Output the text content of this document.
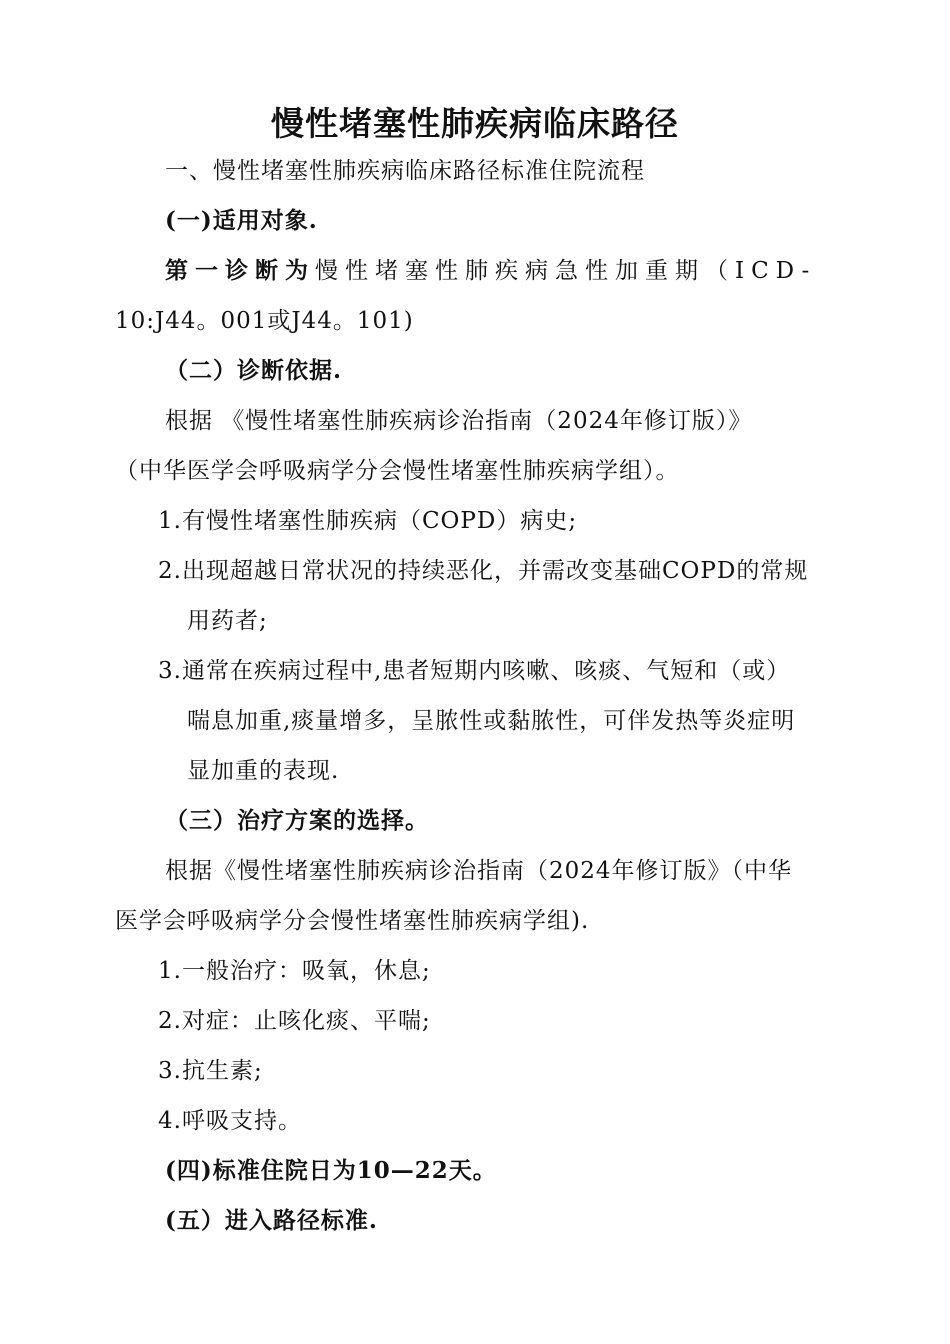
慢性堵塞性肺疾病临床路径

一、慢性堵塞性肺疾病临床路径标准住院流程

(一)适用对象.

第一诊断为慢性堵塞性肺疾病急性加重期（ICD-

10:J44。001或J44。101)

（二）诊断依据.

根据 《慢性堵塞性肺疾病诊治指南（2024年修订版）》

（中华医学会呼吸病学分会慢性堵塞性肺疾病学组）。

1.有慢性堵塞性肺疾病（COPD）病史;

2.出现超越日常状况的持续恶化，并需改变基础COPD的常规

用药者;

3.通常在疾病过程中,患者短期内咳嗽、咳痰、气短和（或）

喘息加重,痰量增多，呈脓性或黏脓性，可伴发热等炎症明

显加重的表现.

（三）治疗方案的选择。

根据《慢性堵塞性肺疾病诊治指南（2024年修订版》（中华

医学会呼吸病学分会慢性堵塞性肺疾病学组).

1.一般治疗：吸氧，休息;

2.对症：止咳化痰、平喘;

3.抗生素;

4.呼吸支持。

(四)标准住院日为10—22天。

(五）进入路径标准.
